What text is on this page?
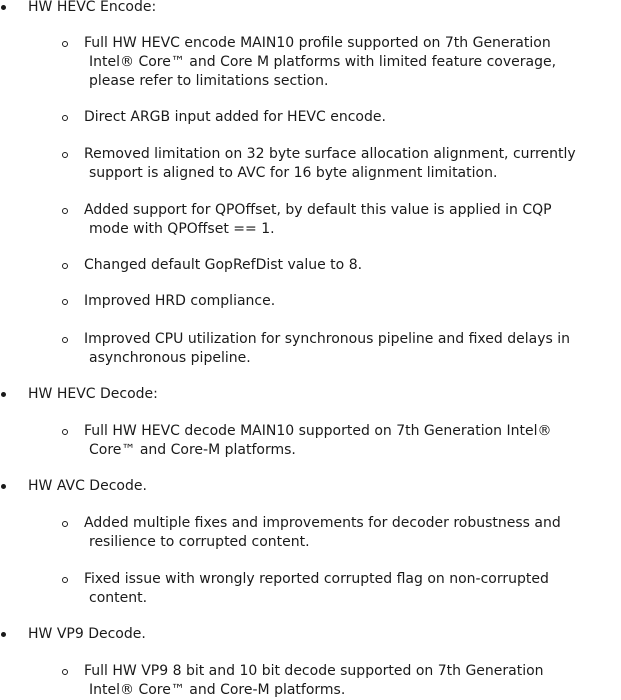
HW HEVC Encode:
Full HW HEVC encode MAIN10 profile supported on 7th Generation
Intel® Core™ and Core M platforms with limited feature coverage,
please refer to limitations section.
Direct ARGB input added for HEVC encode.
Removed limitation on 32 byte surface allocation alignment, currently
support is aligned to AVC for 16 byte alignment limitation.
Added support for QPOffset, by default this value is applied in CQP
mode with QPOffset == 1.
Changed default GopRefDist value to 8.
Improved HRD compliance.
Improved CPU utilization for synchronous pipeline and fixed delays in
asynchronous pipeline.
HW HEVC Decode:
Full HW HEVC decode MAIN10 supported on 7th Generation Intel®
Core™ and Core-M platforms.
HW AVC Decode.
Added multiple fixes and improvements for decoder robustness and
resilience to corrupted content.
Fixed issue with wrongly reported corrupted flag on non-corrupted
content.
HW VP9 Decode.
Full HW VP9 8 bit and 10 bit decode supported on 7th Generation
Intel® Core™ and Core-M platforms.
